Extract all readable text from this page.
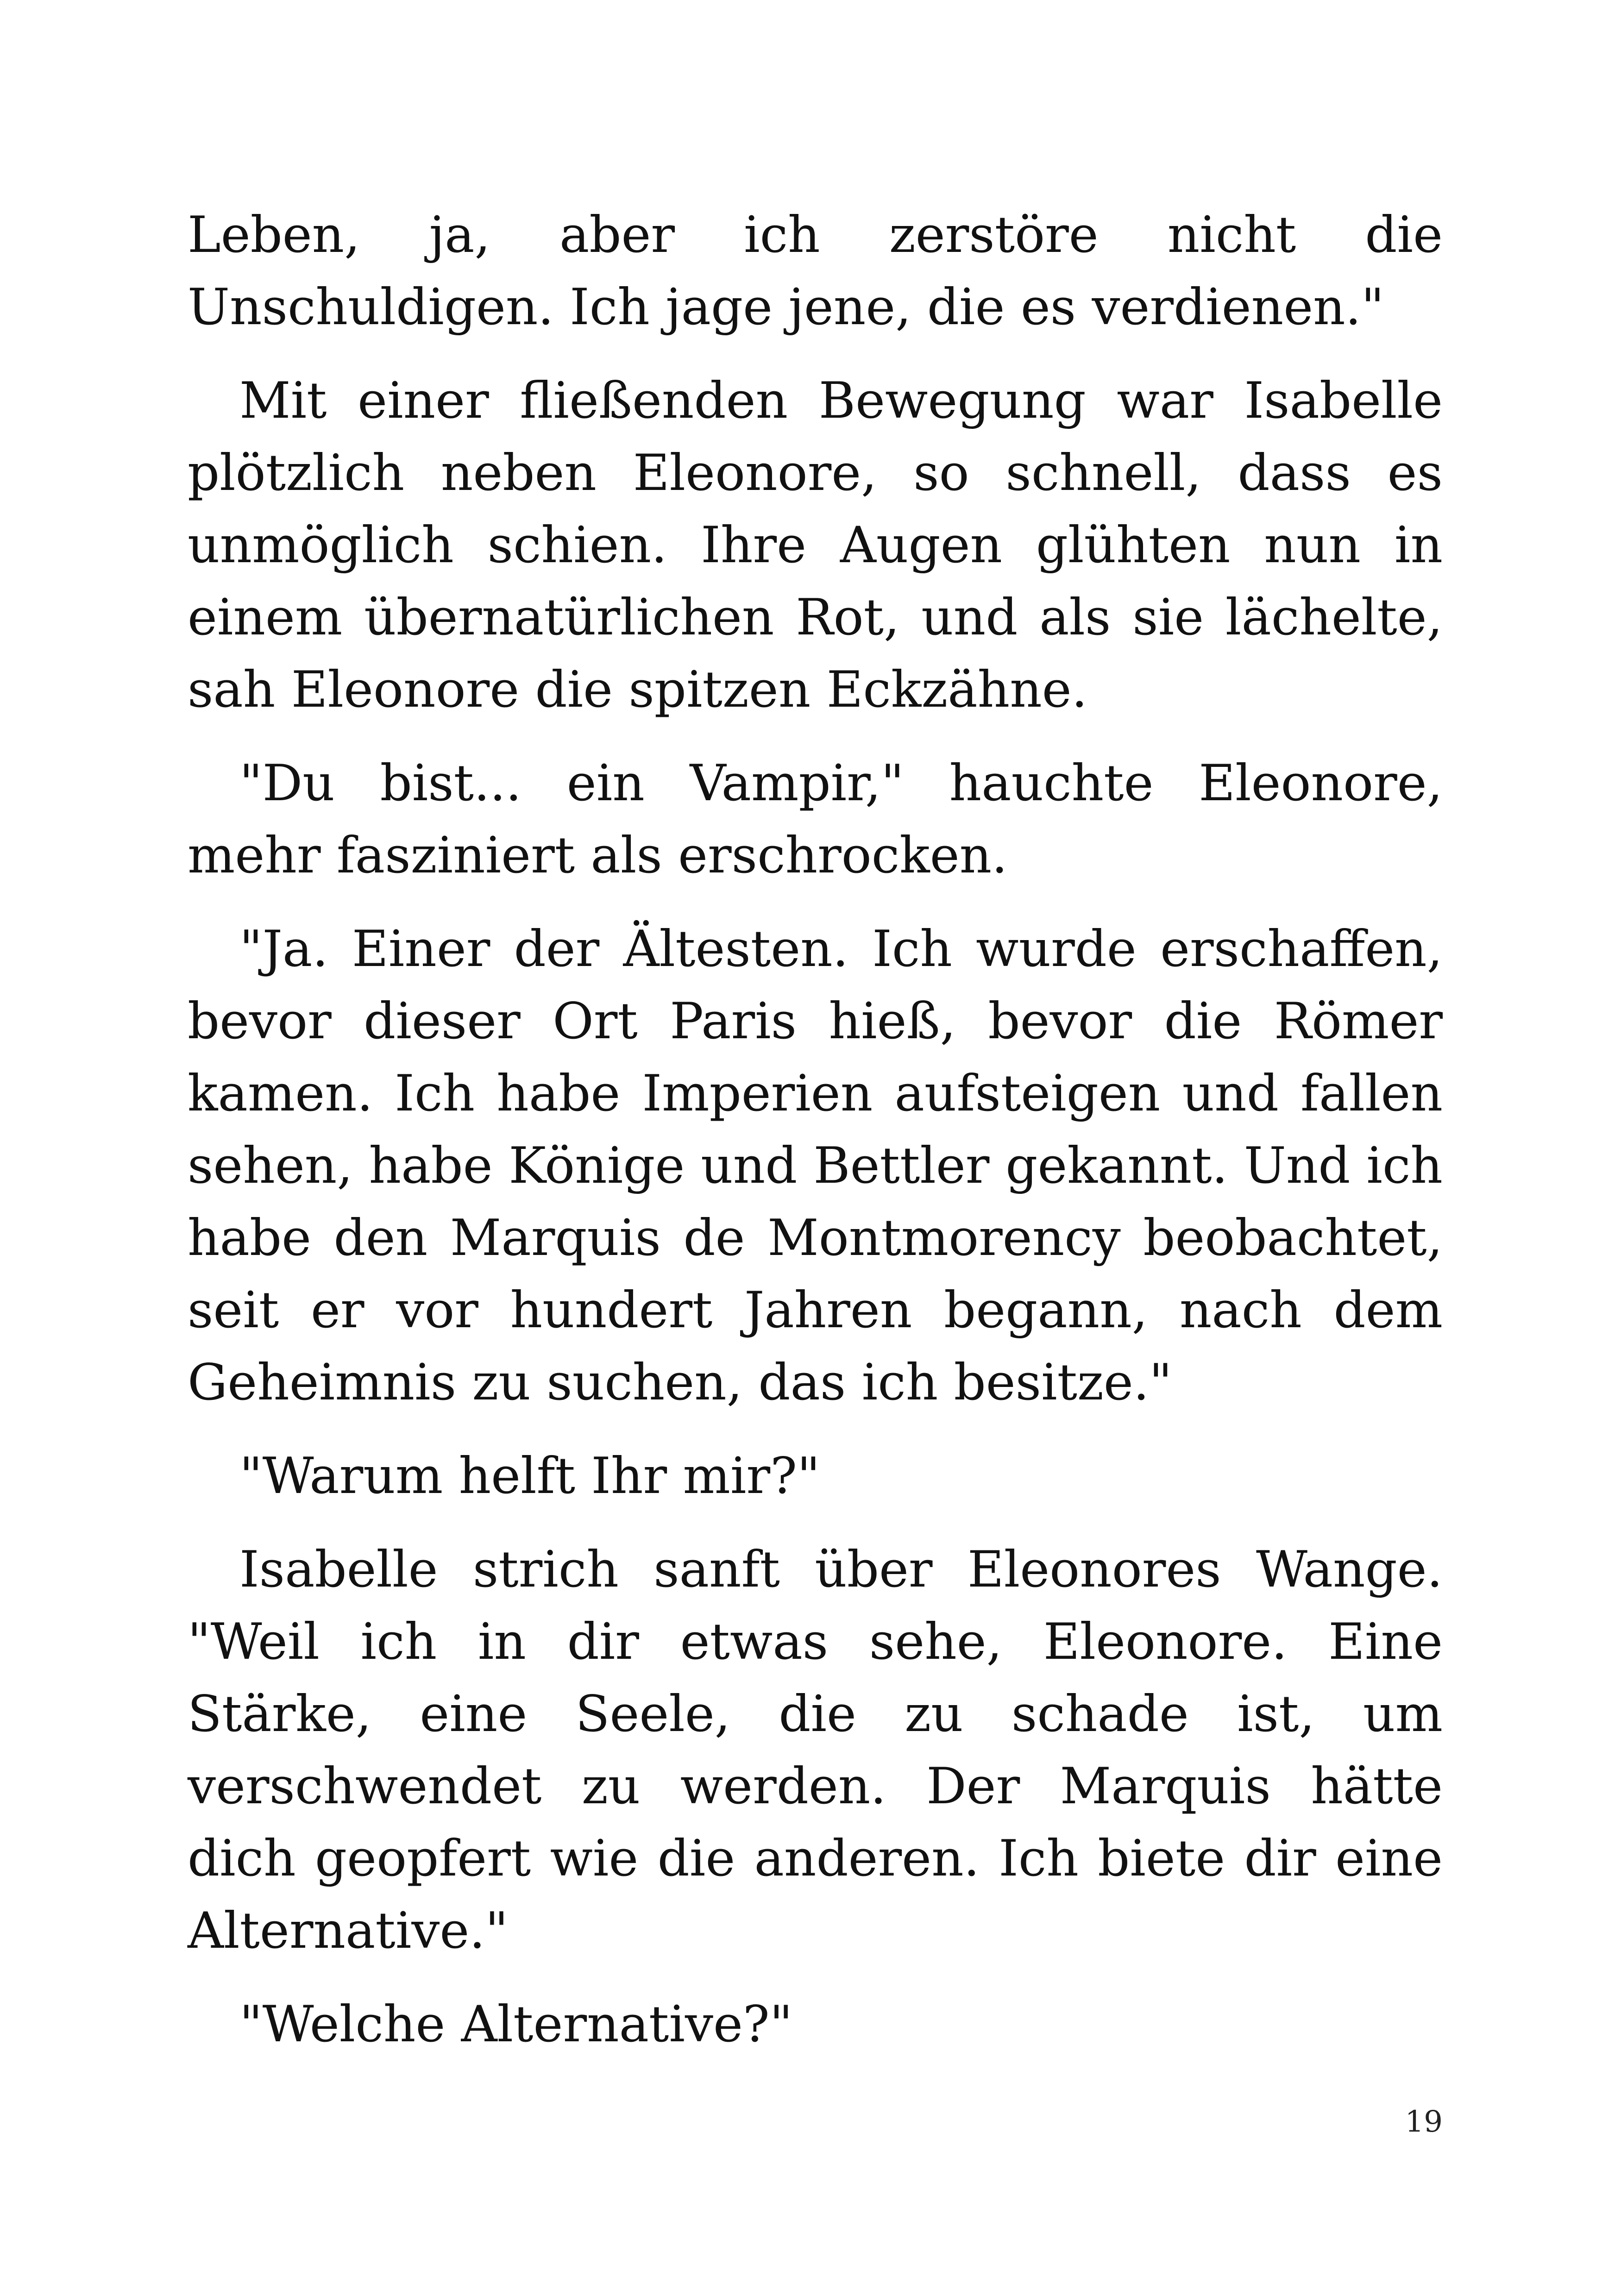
Leben, ja, aber ich zerstöre nicht die Unschuldigen. Ich jage jene, die es verdienen."

Mit einer fließenden Bewegung war Isabelle plötzlich neben Eleonore, so schnell, dass es unmöglich schien. Ihre Augen glühten nun in einem übernatürlichen Rot, und als sie lächelte, sah Eleonore die spitzen Eckzähne.

"Du bist... ein Vampir," hauchte Eleonore, mehr fasziniert als erschrocken.

"Ja. Einer der Ältesten. Ich wurde erschaffen, bevor dieser Ort Paris hieß, bevor die Römer kamen. Ich habe Imperien aufsteigen und fallen sehen, habe Könige und Bettler gekannt. Und ich habe den Marquis de Montmorency beobachtet, seit er vor hundert Jahren begann, nach dem Geheimnis zu suchen, das ich besitze."

"Warum helft Ihr mir?"

Isabelle strich sanft über Eleonores Wange. "Weil ich in dir etwas sehe, Eleonore. Eine Stärke, eine Seele, die zu schade ist, um verschwendet zu werden. Der Marquis hätte dich geopfert wie die anderen. Ich biete dir eine Alternative."

"Welche Alternative?"

19
